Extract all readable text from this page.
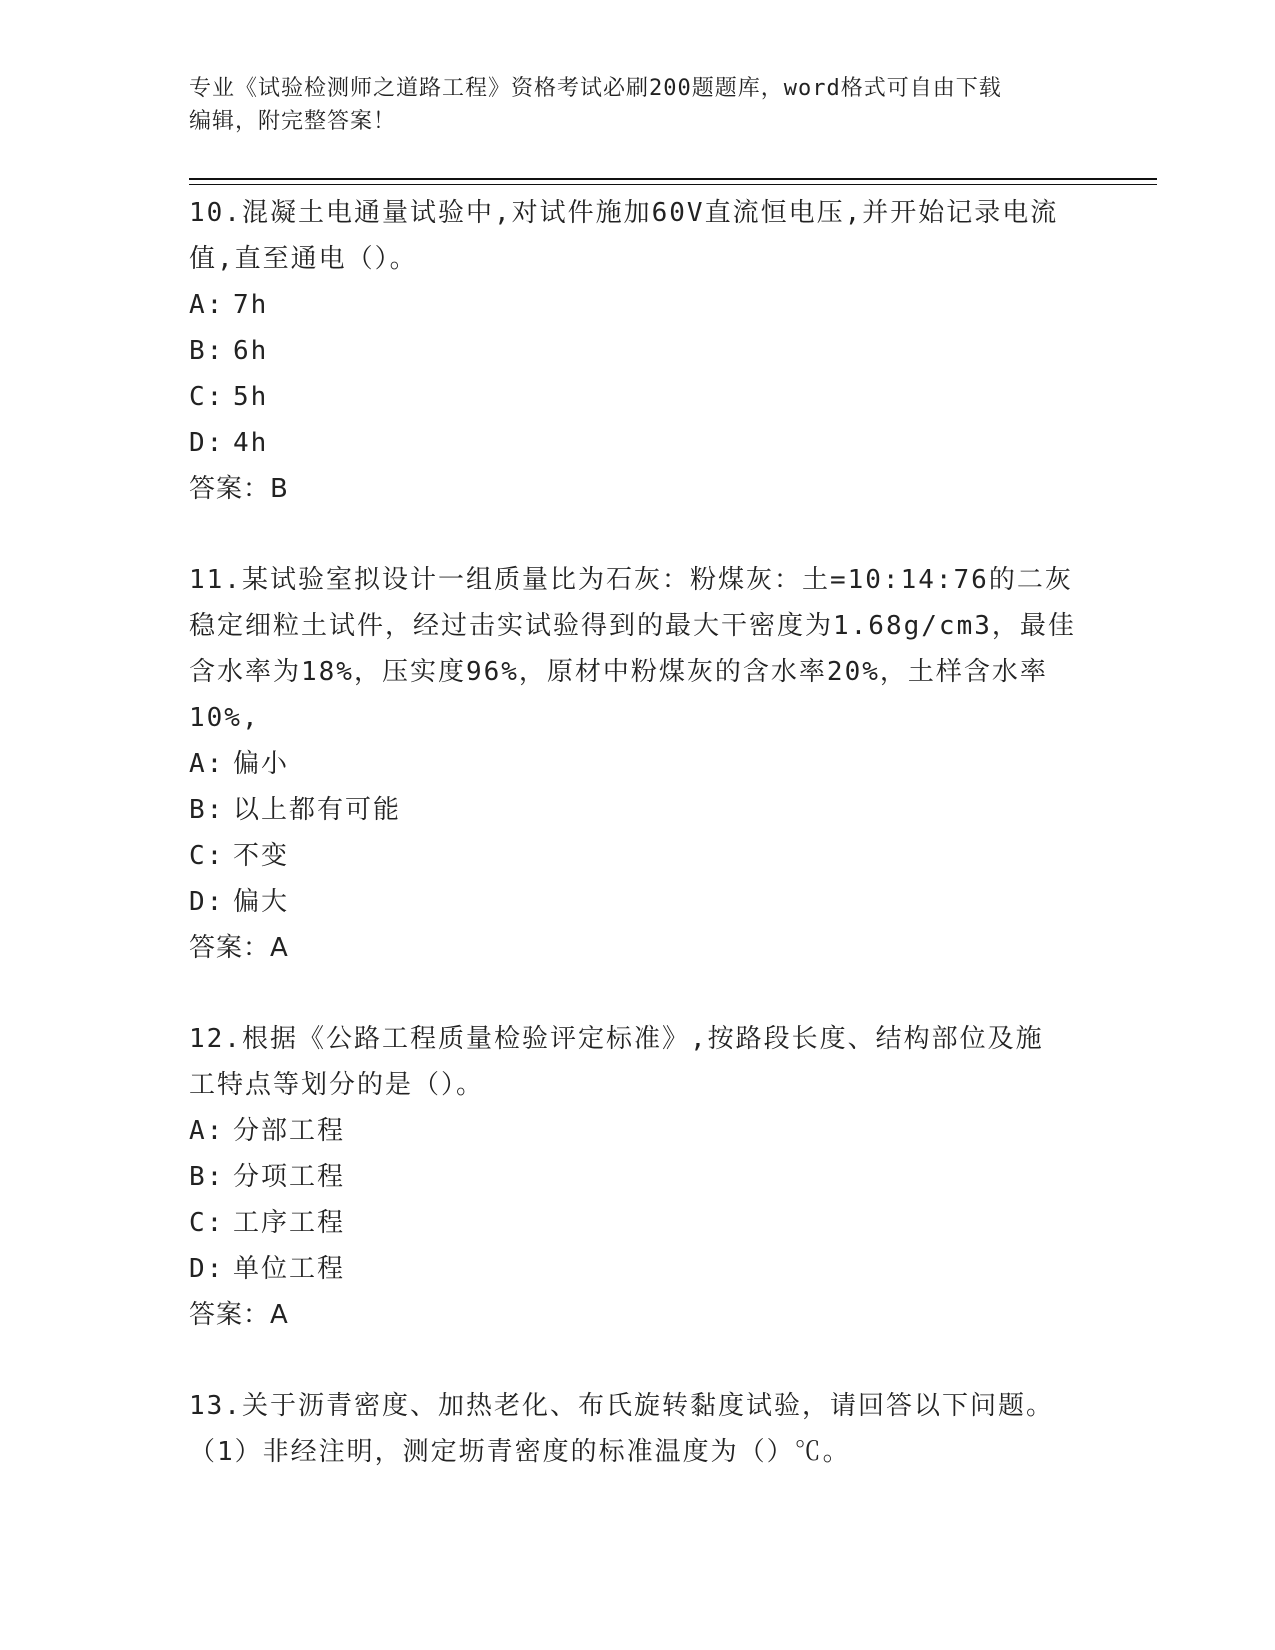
专业《试验检测师之道路工程》资格考试必刷200题题库，word格式可自由下载
编辑，附完整答案！

10.混凝土电通量试验中,对试件施加60V直流恒电压,并开始记录电流

值,直至通电（）。

A: 7h

B: 6h

C: 5h

D: 4h

答案：B

11.某试验室拟设计一组质量比为石灰：粉煤灰：土=10:14:76的二灰

稳定细粒土试件，经过击实试验得到的最大干密度为1.68g/cm3，最佳

含水率为18%，压实度96%，原材中粉煤灰的含水率20%，土样含水率

10%,

A: 偏小

B: 以上都有可能

C: 不变

D: 偏大

答案：A

12.根据《公路工程质量检验评定标准》,按路段长度、结构部位及施

工特点等划分的是（）。

A: 分部工程

B: 分项工程

C: 工序工程

D: 单位工程

答案：A

13.关于沥青密度、加热老化、布氏旋转黏度试验，请回答以下问题。

（1）非经注明，测定坜青密度的标准温度为（）℃。
